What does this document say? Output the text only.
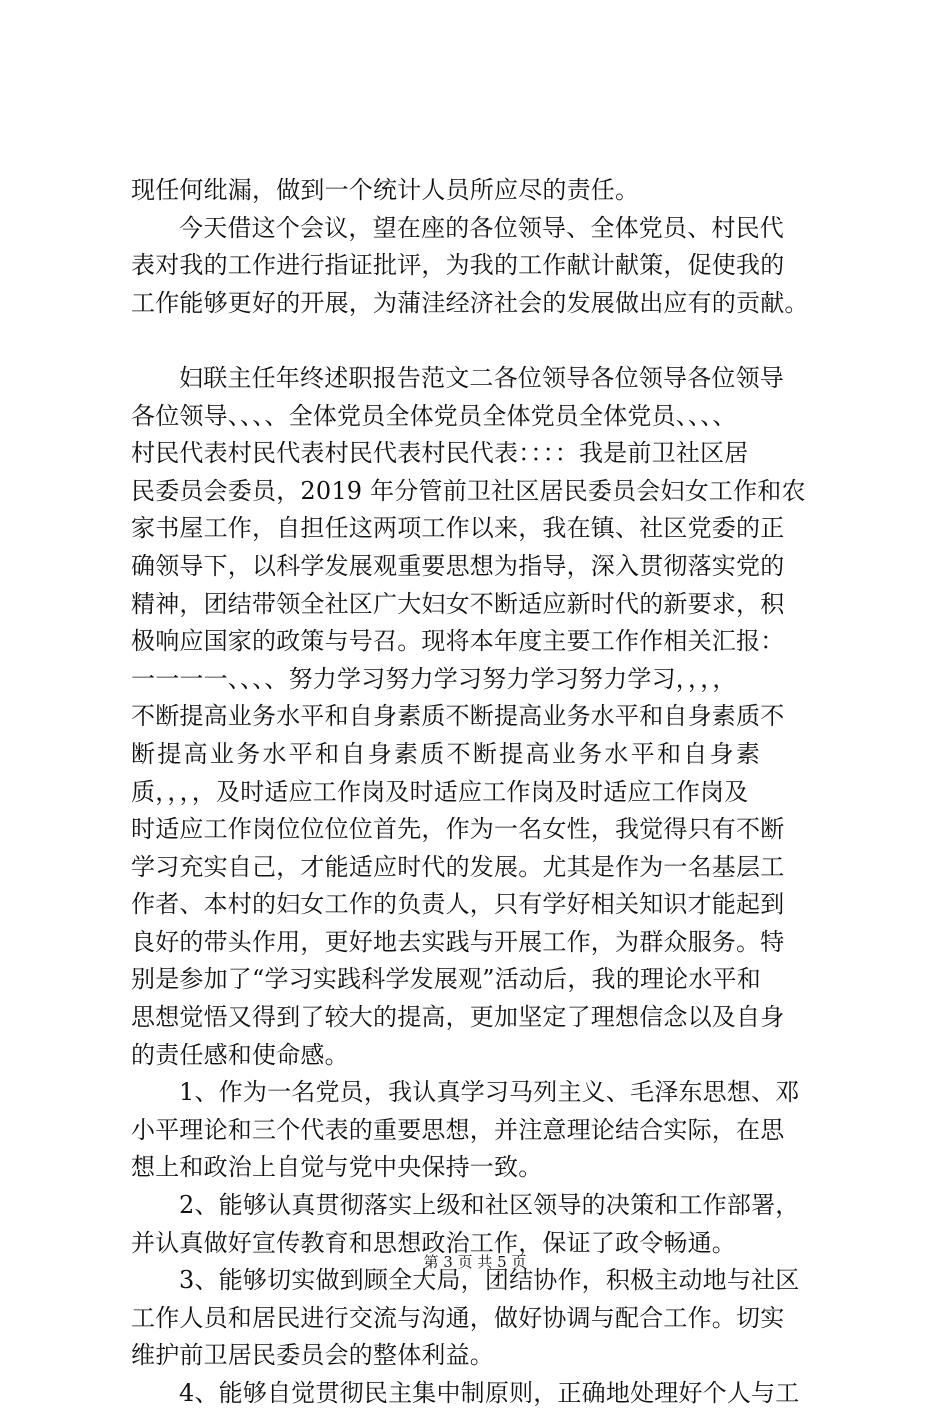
现任何纰漏，做到一个统计人员所应尽的责任。
今天借这个会议，望在座的各位领导、全体党员、村民代
表对我的工作进行指证批评，为我的工作献计献策，促使我的
工作能够更好的开展，为蒲洼经济社会的发展做出应有的贡献。
妇联主任年终述职报告范文二各位领导各位领导各位领导
各位领导、、、、全体党员全体党员全体党员全体党员、、、、
村民代表村民代表村民代表村民代表：：：：我是前卫社区居
民委员会委员，2019 年分管前卫社区居民委员会妇女工作和农
家书屋工作，自担任这两项工作以来，我在镇、社区党委的正
确领导下，以科学发展观重要思想为指导，深入贯彻落实党的
精神，团结带领全社区广大妇女不断适应新时代的新要求，积
极响应国家的政策与号召。现将本年度主要工作作相关汇报：
一一一一、、、、努力学习努力学习努力学习努力学习，，，，
不断提高业务水平和自身素质不断提高业务水平和自身素质不
断提高业务水平和自身素质不断提高业务水平和自身素
质，，，，及时适应工作岗及时适应工作岗及时适应工作岗及
时适应工作岗位位位位首先，作为一名女性，我觉得只有不断
学习充实自己，才能适应时代的发展。尤其是作为一名基层工
作者、本村的妇女工作的负责人，只有学好相关知识才能起到
良好的带头作用，更好地去实践与开展工作，为群众服务。特
别是参加了“学习实践科学发展观”活动后，我的理论水平和
思想觉悟又得到了较大的提高，更加坚定了理想信念以及自身
的责任感和使命感。
1、作为一名党员，我认真学习马列主义、毛泽东思想、邓
小平理论和三个代表的重要思想，并注意理论结合实际，在思
想上和政治上自觉与党中央保持一致。
2、能够认真贯彻落实上级和社区领导的决策和工作部署，
并认真做好宣传教育和思想政治工作，保证了政令畅通。
3、能够切实做到顾全大局，团结协作，积极主动地与社区
工作人员和居民进行交流与沟通，做好协调与配合工作。切实
维护前卫居民委员会的整体利益。
4、能够自觉贯彻民主集中制原则，正确地处理好个人与工
第 3 页 共 5 页
